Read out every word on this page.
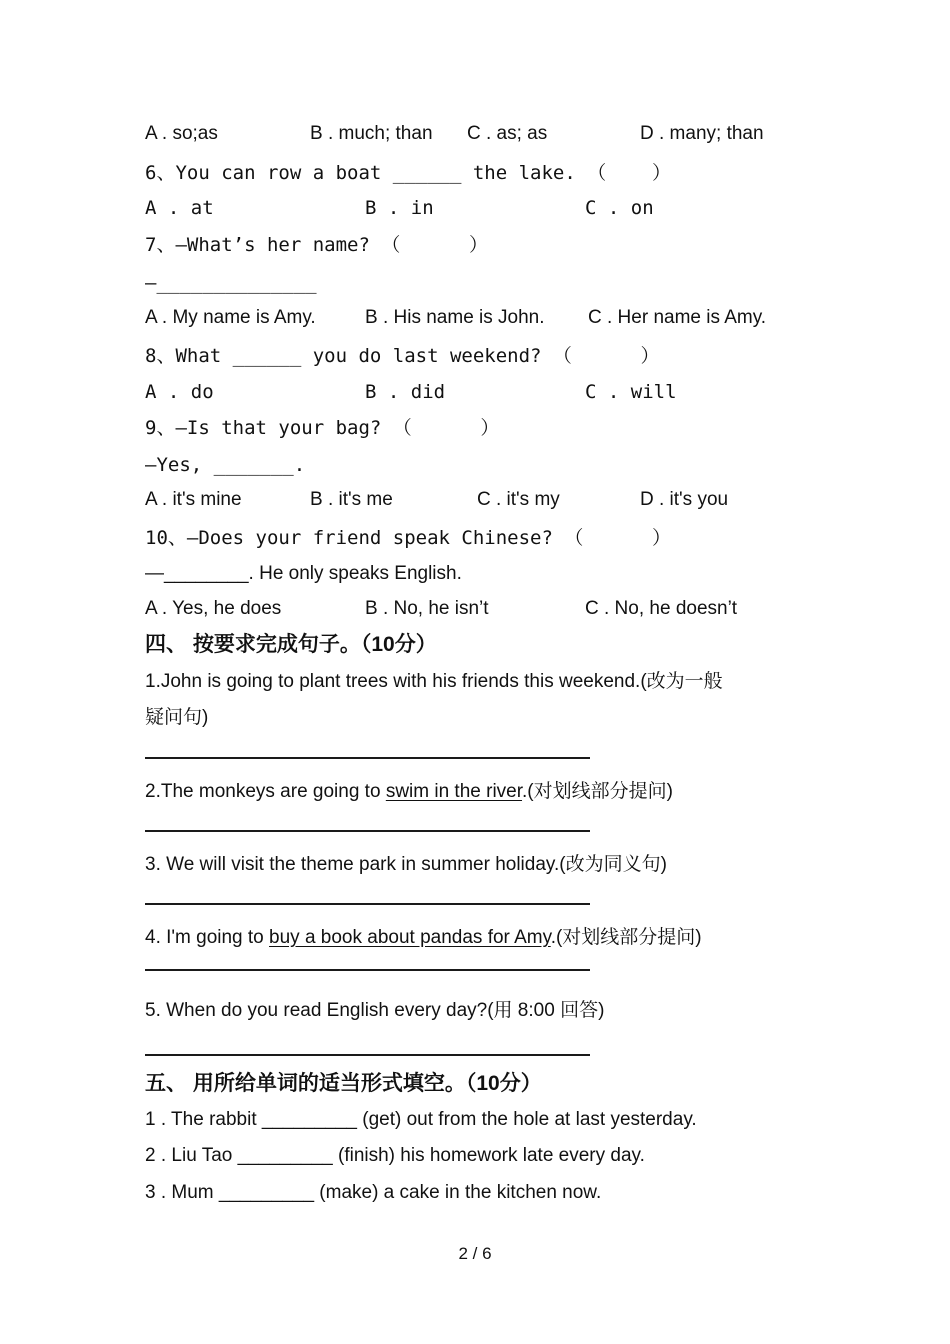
2 / 6
A . so;as	B . much; than C . as; as	D . many; than
6、You can row a boat ______ the lake. （    ）
A . at	B . in	C . on
7、—What’s her name? （      ）
—______________
A . My name is Amy.	B . His name is John. C . Her name is Amy.
8、What ______ you do last weekend? （      ）
A . do	B . did	C . will
9、—Is that your bag? （      ）
—Yes, _______.
A . it's mine	B . it's me	C . it's my	D . it's you
10、—Does your friend speak Chinese? （      ）
—________. He only speaks English.
A . Yes, he does	B . No, he isn’t	C . No, he doesn’t
四、 按要求完成句子。（10分）
1.John is going to plant trees with his friends this weekend.(改为一般
疑问句)
2.The monkeys are going to swim in the river.(对划线部分提问)
3. We will visit the theme park in summer holiday.(改为同义句)
4. I'm going to buy a book about pandas for Amy.(对划线部分提问)
5. When do you read English every day?(用 8:00 回答)
五、 用所给单词的适当形式填空。（10分）
1 . The rabbit _________ (get) out from the hole at last yesterday.
2 . Liu Tao _________ (finish) his homework late every day.
3 . Mum _________ (make) a cake in the kitchen now.
